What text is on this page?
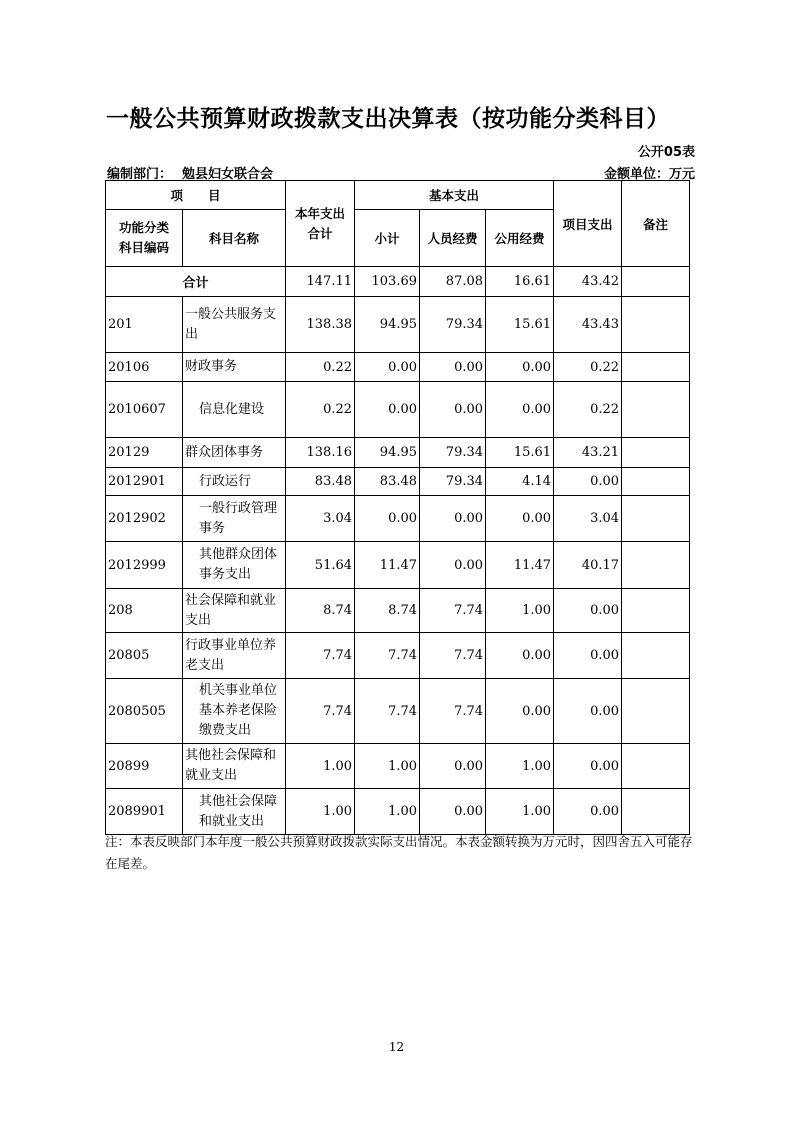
一般公共预算财政拨款支出决算表（按功能分类科目）
公开05表
编制部门： 勉县妇女联合会	金额单位：万元
项　　目		本年支出合计	基本支出			项目支出	备注

功能分类科目编码	科目名称		小计	人员经费	公用经费		
合计		147.11	103.69	87.08	16.61	43.42	
201	一般公共服务支出	138.38	94.95	79.34	15.61	43.43	
20106	财政事务	0.22	0.00	0.00	0.00	0.22	
2010607	信息化建设	0.22	0.00	0.00	0.00	0.22	
20129	群众团体事务	138.16	94.95	79.34	15.61	43.21	
2012901	行政运行	83.48	83.48	79.34	4.14	0.00	
2012902	一般行政管理事务	3.04	0.00	0.00	0.00	3.04	
2012999	其他群众团体事务支出	51.64	11.47	0.00	11.47	40.17	
208	社会保障和就业支出	8.74	8.74	7.74	1.00	0.00	
20805	行政事业单位养老支出	7.74	7.74	7.74	0.00	0.00	
2080505	机关事业单位基本养老保险缴费支出	7.74	7.74	7.74	0.00	0.00	
20899	其他社会保障和就业支出	1.00	1.00	0.00	1.00	0.00	
2089901	其他社会保障和就业支出	1.00	1.00	0.00	1.00	0.00	
注：本表反映部门本年度一般公共预算财政拨款实际支出情况。本表金额转换为万元时，因四舍五入可能存在尾差。
12
